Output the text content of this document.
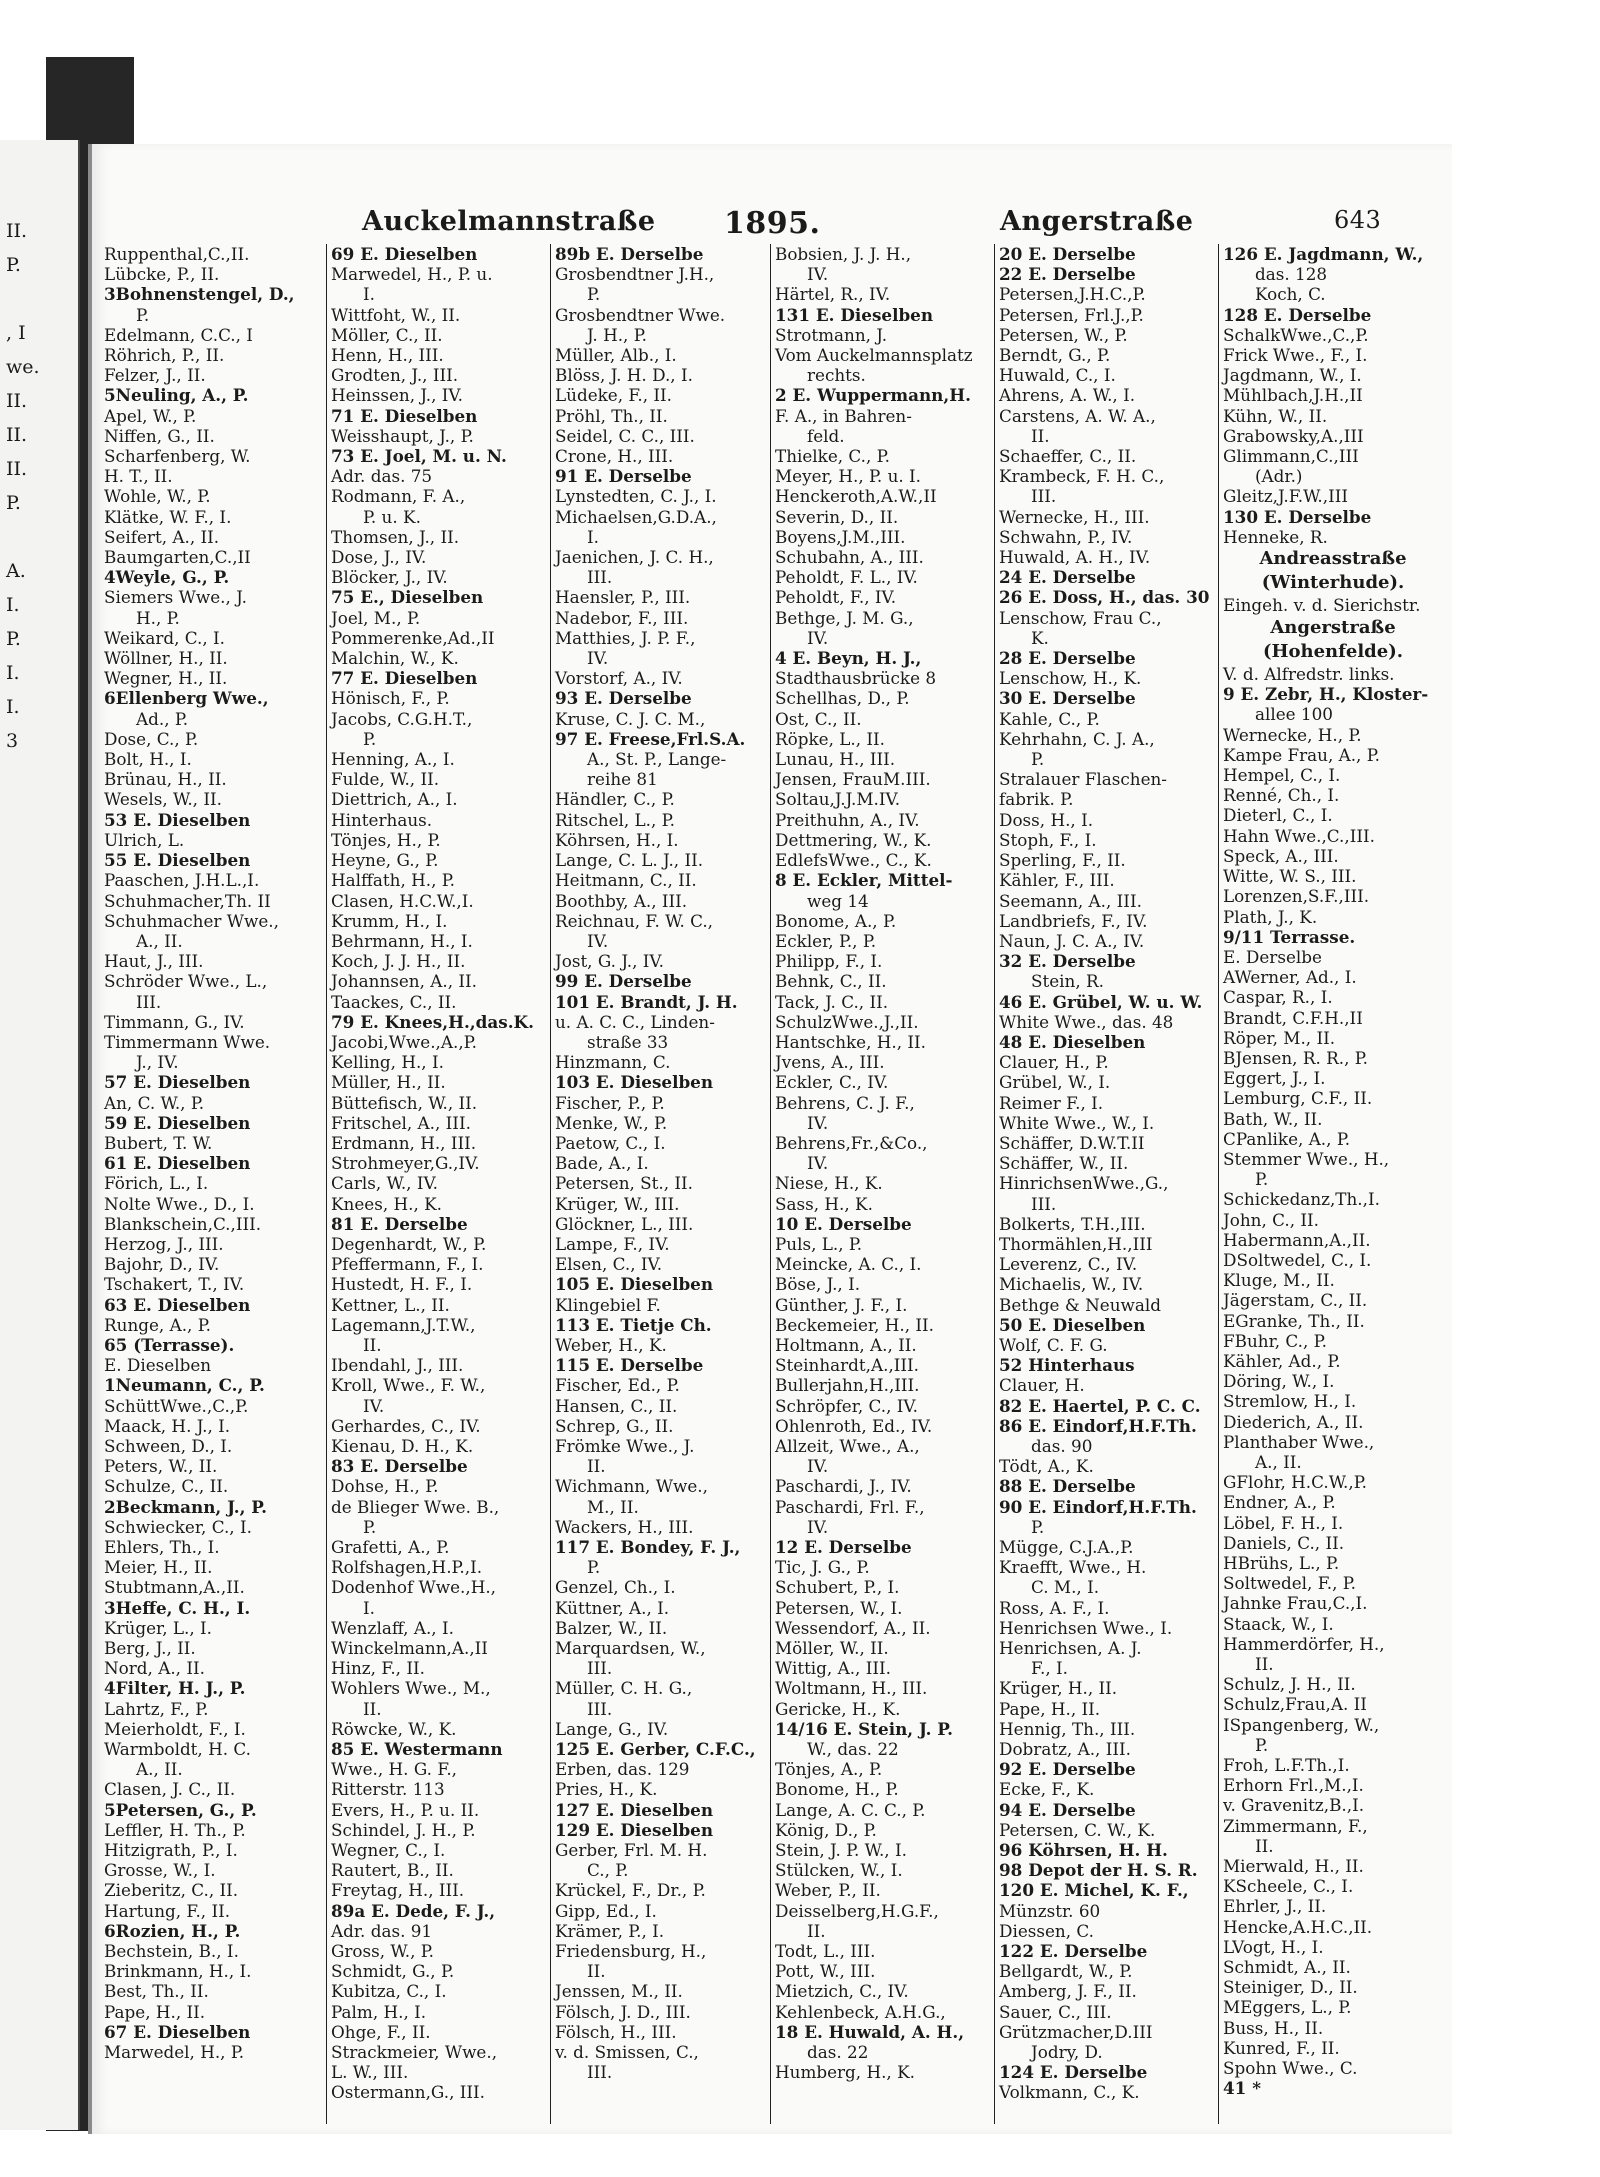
II.
P.
, I
we.
II.
II.
II.
P.
A.
I.
P.
I.
I.
3
Auckelmannstraße 1895.	Angerstraße	643
Ruppenthal,C.,II.
Lübcke, P., II.
3Bohnenstengel, D.,
P.
Edelmann, C.C., I
Röhrich, P., II.
Felzer, J., II.
5Neuling, A., P.
Apel, W., P.
Niffen, G., II.
Scharfenberg, W.
H. T., II.
Wohle, W., P.
Klätke, W. F., I.
Seifert, A., II.
Baumgarten,C.,II
4Weyle, G., P.
Siemers Wwe., J.
H., P.
Weikard, C., I.
Wöllner, H., II.
Wegner, H., II.
6Ellenberg Wwe.,
Ad., P.
Dose, C., P.
Bolt, H., I.
Brünau, H., II.
Wesels, W., II.
53 E. Dieselben
Ulrich, L.
55 E. Dieselben
Paaschen, J.H.L.,I.
Schuhmacher,Th. II
Schuhmacher Wwe.,
A., II.
Haut, J., III.
Schröder Wwe., L.,
III.
Timmann, G., IV.
Timmermann Wwe.
J., IV.
57 E. Dieselben
An, C. W., P.
59 E. Dieselben
Bubert, T. W.
61 E. Dieselben
Förich, L., I.
Nolte Wwe., D., I.
Blankschein,C.,III.
Herzog, J., III.
Bajohr, D., IV.
Tschakert, T., IV.
63 E. Dieselben
Runge, A., P.
65 (Terrasse).
E. Dieselben
1Neumann, C., P.
SchüttWwe.,C.,P.
Maack, H. J., I.
Schween, D., I.
Peters, W., II.
Schulze, C., II.
2Beckmann, J., P.
Schwiecker, C., I.
Ehlers, Th., I.
Meier, H., II.
Stubtmann,A.,II.
3Heffe, C. H., I.
Krüger, L., I.
Berg, J., II.
Nord, A., II.
4Filter, H. J., P.
Lahrtz, F., P.
Meierholdt, F., I.
Warmboldt, H. C.
A., II.
Clasen, J. C., II.
5Petersen, G., P.
Leffler, H. Th., P.
Hitzigrath, P., I.
Grosse, W., I.
Zieberitz, C., II.
Hartung, F., II.
6Rozien, H., P.
Bechstein, B., I.
Brinkmann, H., I.
Best, Th., II.
Pape, H., II.
67 E. Dieselben
Marwedel, H., P.
69 E. Dieselben
Marwedel, H., P. u.
I.
Wittfoht, W., II.
Möller, C., II.
Henn, H., III.
Grodten, J., III.
Heinssen, J., IV.
71 E. Dieselben
Weisshaupt, J., P.
73 E. Joel, M. u. N.
Adr. das. 75
Rodmann, F. A.,
P. u. K.
Thomsen, J., II.
Dose, J., IV.
Blöcker, J., IV.
75 E., Dieselben
Joel, M., P.
Pommerenke,Ad.,II
Malchin, W., K.
77 E. Dieselben
Hönisch, F., P.
Jacobs, C.G.H.T.,
P.
Henning, A., I.
Fulde, W., II.
Diettrich, A., I.
Hinterhaus.
Tönjes, H., P.
Heyne, G., P.
Halffath, H., P.
Clasen, H.C.W.,I.
Krumm, H., I.
Behrmann, H., I.
Koch, J. J. H., II.
Johannsen, A., II.
Taackes, C., II.
79 E. Knees,H.,das.K.
Jacobi,Wwe.,A.,P.
Kelling, H., I.
Müller, H., II.
Büttefisch, W., II.
Fritschel, A., III.
Erdmann, H., III.
Strohmeyer,G.,IV.
Carls, W., IV.
Knees, H., K.
81 E. Derselbe
Degenhardt, W., P.
Pfeffermann, F., I.
Hustedt, H. F., I.
Kettner, L., II.
Lagemann,J.T.W.,
II.
Ibendahl, J., III.
Kroll, Wwe., F. W.,
IV.
Gerhardes, C., IV.
Kienau, D. H., K.
83 E. Derselbe
Dohse, H., P.
de Blieger Wwe. B.,
P.
Grafetti, A., P.
Rolfshagen,H.P.,I.
Dodenhof Wwe.,H.,
I.
Wenzlaff, A., I.
Winckelmann,A.,II
Hinz, F., II.
Wohlers Wwe., M.,
II.
Röwcke, W., K.
85 E. Westermann
Wwe., H. G. F.,
Ritterstr. 113
Evers, H., P. u. II.
Schindel, J. H., P.
Wegner, C., I.
Rautert, B., II.
Freytag, H., III.
89a E. Dede, F. J.,
Adr. das. 91
Gross, W., P.
Schmidt, G., P.
Kubitza, C., I.
Palm, H., I.
Ohge, F., II.
Strackmeier, Wwe.,
L. W., III.
Ostermann,G., III.
89b E. Derselbe
Grosbendtner J.H.,
P.
Grosbendtner Wwe.
J. H., P.
Müller, Alb., I.
Blöss, J. H. D., I.
Lüdeke, F., II.
Pröhl, Th., II.
Seidel, C. C., III.
Crone, H., III.
91 E. Derselbe
Lynstedten, C. J., I.
Michaelsen,G.D.A.,
I.
Jaenichen, J. C. H.,
III.
Haensler, P., III.
Nadebor, F., III.
Matthies, J. P. F.,
IV.
Vorstorf, A., IV.
93 E. Derselbe
Kruse, C. J. C. M.,
97 E. Freese,Frl.S.A.
A., St. P., Lange-
reihe 81
Händler, C., P.
Ritschel, L., P.
Köhrsen, H., I.
Lange, C. L. J., II.
Heitmann, C., II.
Boothby, A., III.
Reichnau, F. W. C.,
IV.
Jost, G. J., IV.
99 E. Derselbe
101 E. Brandt, J. H.
u. A. C. C., Linden-
straße 33
Hinzmann, C.
103 E. Dieselben
Fischer, P., P.
Menke, W., P.
Paetow, C., I.
Bade, A., I.
Petersen, St., II.
Krüger, W., III.
Glöckner, L., III.
Lampe, F., IV.
Elsen, C., IV.
105 E. Dieselben
Klingebiel F.
113 E. Tietje Ch.
Weber, H., K.
115 E. Derselbe
Fischer, Ed., P.
Hansen, C., II.
Schrep, G., II.
Frömke Wwe., J.
II.
Wichmann, Wwe.,
M., II.
Wackers, H., III.
117 E. Bondey, F. J.,
P.
Genzel, Ch., I.
Küttner, A., I.
Balzer, W., II.
Marquardsen, W.,
III.
Müller, C. H. G.,
III.
Lange, G., IV.
125 E. Gerber, C.F.C.,
Erben, das. 129
Pries, H., K.
127 E. Dieselben
129 E. Dieselben
Gerber, Frl. M. H.
C., P.
Krückel, F., Dr., P.
Gipp, Ed., I.
Krämer, P., I.
Friedensburg, H.,
II.
Jenssen, M., II.
Fölsch, J. D., III.
Fölsch, H., III.
v. d. Smissen, C.,
III.
Bobsien, J. J. H.,
IV.
Härtel, R., IV.
131 E. Dieselben
Strotmann, J.
Vom Auckelmannsplatz
rechts.
2 E. Wuppermann,H.
F. A., in Bahren-
feld.
Thielke, C., P.
Meyer, H., P. u. I.
Henckeroth,A.W.,II
Severin, D., II.
Boyens,J.M.,III.
Schubahn, A., III.
Peholdt, F. L., IV.
Peholdt, F., IV.
Bethge, J. M. G.,
IV.
4 E. Beyn, H. J.,
Stadthausbrücke 8
Schellhas, D., P.
Ost, C., II.
Röpke, L., II.
Lunau, H., III.
Jensen, FrauM.III.
Soltau,J.J.M.IV.
Preithuhn, A., IV.
Dettmering, W., K.
EdlefsWwe., C., K.
8 E. Eckler, Mittel-
weg 14
Bonome, A., P.
Eckler, P., P.
Philipp, F., I.
Behnk, C., II.
Tack, J. C., II.
SchulzWwe.,J.,II.
Hantschke, H., II.
Jvens, A., III.
Eckler, C., IV.
Behrens, C. J. F.,
IV.
Behrens,Fr.,&Co.,
IV.
Niese, H., K.
Sass, H., K.
10 E. Derselbe
Puls, L., P.
Meincke, A. C., I.
Böse, J., I.
Günther, J. F., I.
Beckemeier, H., II.
Holtmann, A., II.
Steinhardt,A.,III.
Bullerjahn,H.,III.
Schröpfer, C., IV.
Ohlenroth, Ed., IV.
Allzeit, Wwe., A.,
IV.
Paschardi, J., IV.
Paschardi, Frl. F.,
IV.
12 E. Derselbe
Tic, J. G., P.
Schubert, P., I.
Petersen, W., I.
Wessendorf, A., II.
Möller, W., II.
Wittig, A., III.
Woltmann, H., III.
Gericke, H., K.
14/16 E. Stein, J. P.
W., das. 22
Tönjes, A., P.
Bonome, H., P.
Lange, A. C. C., P.
König, D., P.
Stein, J. P. W., I.
Stülcken, W., I.
Weber, P., II.
Deisselberg,H.G.F.,
II.
Todt, L., III.
Pott, W., III.
Mietzich, C., IV.
Kehlenbeck, A.H.G.,
18 E. Huwald, A. H.,
das. 22
Humberg, H., K.
20 E. Derselbe
22 E. Derselbe
Petersen,J.H.C.,P.
Petersen, Frl.J.,P.
Petersen, W., P.
Berndt, G., P.
Huwald, C., I.
Ahrens, A. W., I.
Carstens, A. W. A.,
II.
Schaeffer, C., II.
Krambeck, F. H. C.,
III.
Wernecke, H., III.
Schwahn, P., IV.
Huwald, A. H., IV.
24 E. Derselbe
26 E. Doss, H., das. 30
Lenschow, Frau C.,
K.
28 E. Derselbe
Lenschow, H., K.
30 E. Derselbe
Kahle, C., P.
Kehrhahn, C. J. A.,
P.
Stralauer Flaschen-
fabrik. P.
Doss, H., I.
Stoph, F., I.
Sperling, F., II.
Kähler, F., III.
Seemann, A., III.
Landbriefs, F., IV.
Naun, J. C. A., IV.
32 E. Derselbe
Stein, R.
46 E. Grübel, W. u. W.
White Wwe., das. 48
48 E. Dieselben
Clauer, H., P.
Grübel, W., I.
Reimer F., I.
White Wwe., W., I.
Schäffer, D.W.T.II
Schäffer, W., II.
HinrichsenWwe.,G.,
III.
Bolkerts, T.H.,III.
Thormählen,H.,III
Leverenz, C., IV.
Michaelis, W., IV.
Bethge & Neuwald
50 E. Dieselben
Wolf, C. F. G.
52 Hinterhaus
Clauer, H.
82 E. Haertel, P. C. C.
86 E. Eindorf,H.F.Th.
das. 90
Tödt, A., K.
88 E. Derselbe
90 E. Eindorf,H.F.Th.
P.
Mügge, C.J.A.,P.
Kraefft, Wwe., H.
C. M., I.
Ross, A. F., I.
Henrichsen Wwe., I.
Henrichsen, A. J.
F., I.
Krüger, H., II.
Pape, H., II.
Hennig, Th., III.
Dobratz, A., III.
92 E. Derselbe
Ecke, F., K.
94 E. Derselbe
Petersen, C. W., K.
96 Köhrsen, H. H.
98 Depot der H. S. R.
120 E. Michel, K. F.,
Münzstr. 60
Diessen, C.
122 E. Derselbe
Bellgardt, W., P.
Amberg, J. F., II.
Sauer, C., III.
Grützmacher,D.III
Jodry, D.
124 E. Derselbe
Volkmann, C., K.
126 E. Jagdmann, W.,
das. 128
Koch, C.
128 E. Derselbe
SchalkWwe.,C.,P.
Frick Wwe., F., I.
Jagdmann, W., I.
Mühlbach,J.H.,II
Kühn, W., II.
Grabowsky,A.,III
Glimmann,C.,III
(Adr.)
Gleitz,J.F.W.,III
130 E. Derselbe
Henneke, R.
Andreasstraße
(Winterhude).
Eingeh. v. d. Sierichstr.
Angerstraße
(Hohenfelde).
V. d. Alfredstr. links.
9 E. Zebr, H., Kloster-
allee 100
Wernecke, H., P.
Kampe Frau, A., P.
Hempel, C., I.
Renné, Ch., I.
Dieterl, C., I.
Hahn Wwe.,C.,III.
Speck, A., III.
Witte, W. S., III.
Lorenzen,S.F.,III.
Plath, J., K.
9/11 Terrasse.
E. Derselbe
AWerner, Ad., I.
Caspar, R., I.
Brandt, C.F.H.,II
Röper, M., II.
BJensen, R. R., P.
Eggert, J., I.
Lemburg, C.F., II.
Bath, W., II.
CPanlike, A., P.
Stemmer Wwe., H.,
P.
Schickedanz,Th.,I.
John, C., II.
Habermann,A.,II.
DSoltwedel, C., I.
Kluge, M., II.
Jägerstam, C., II.
EGranke, Th., II.
FBuhr, C., P.
Kähler, Ad., P.
Döring, W., I.
Stremlow, H., I.
Diederich, A., II.
Planthaber Wwe.,
A., II.
GFlohr, H.C.W.,P.
Endner, A., P.
Löbel, F. H., I.
Daniels, C., II.
HBrühs, L., P.
Soltwedel, F., P.
Jahnke Frau,C.,I.
Staack, W., I.
Hammerdörfer, H.,
II.
Schulz, J. H., II.
Schulz,Frau,A. II
ISpangenberg, W.,
P.
Froh, L.F.Th.,I.
Erhorn Frl.,M.,I.
v. Gravenitz,B.,I.
Zimmermann, F.,
II.
Mierwald, H., II.
KScheele, C., I.
Ehrler, J., II.
Hencke,A.H.C.,II.
LVogt, H., I.
Schmidt, A., II.
Steiniger, D., II.
MEggers, L., P.
Buss, H., II.
Kunred, F., II.
Spohn Wwe., C.
41 *
